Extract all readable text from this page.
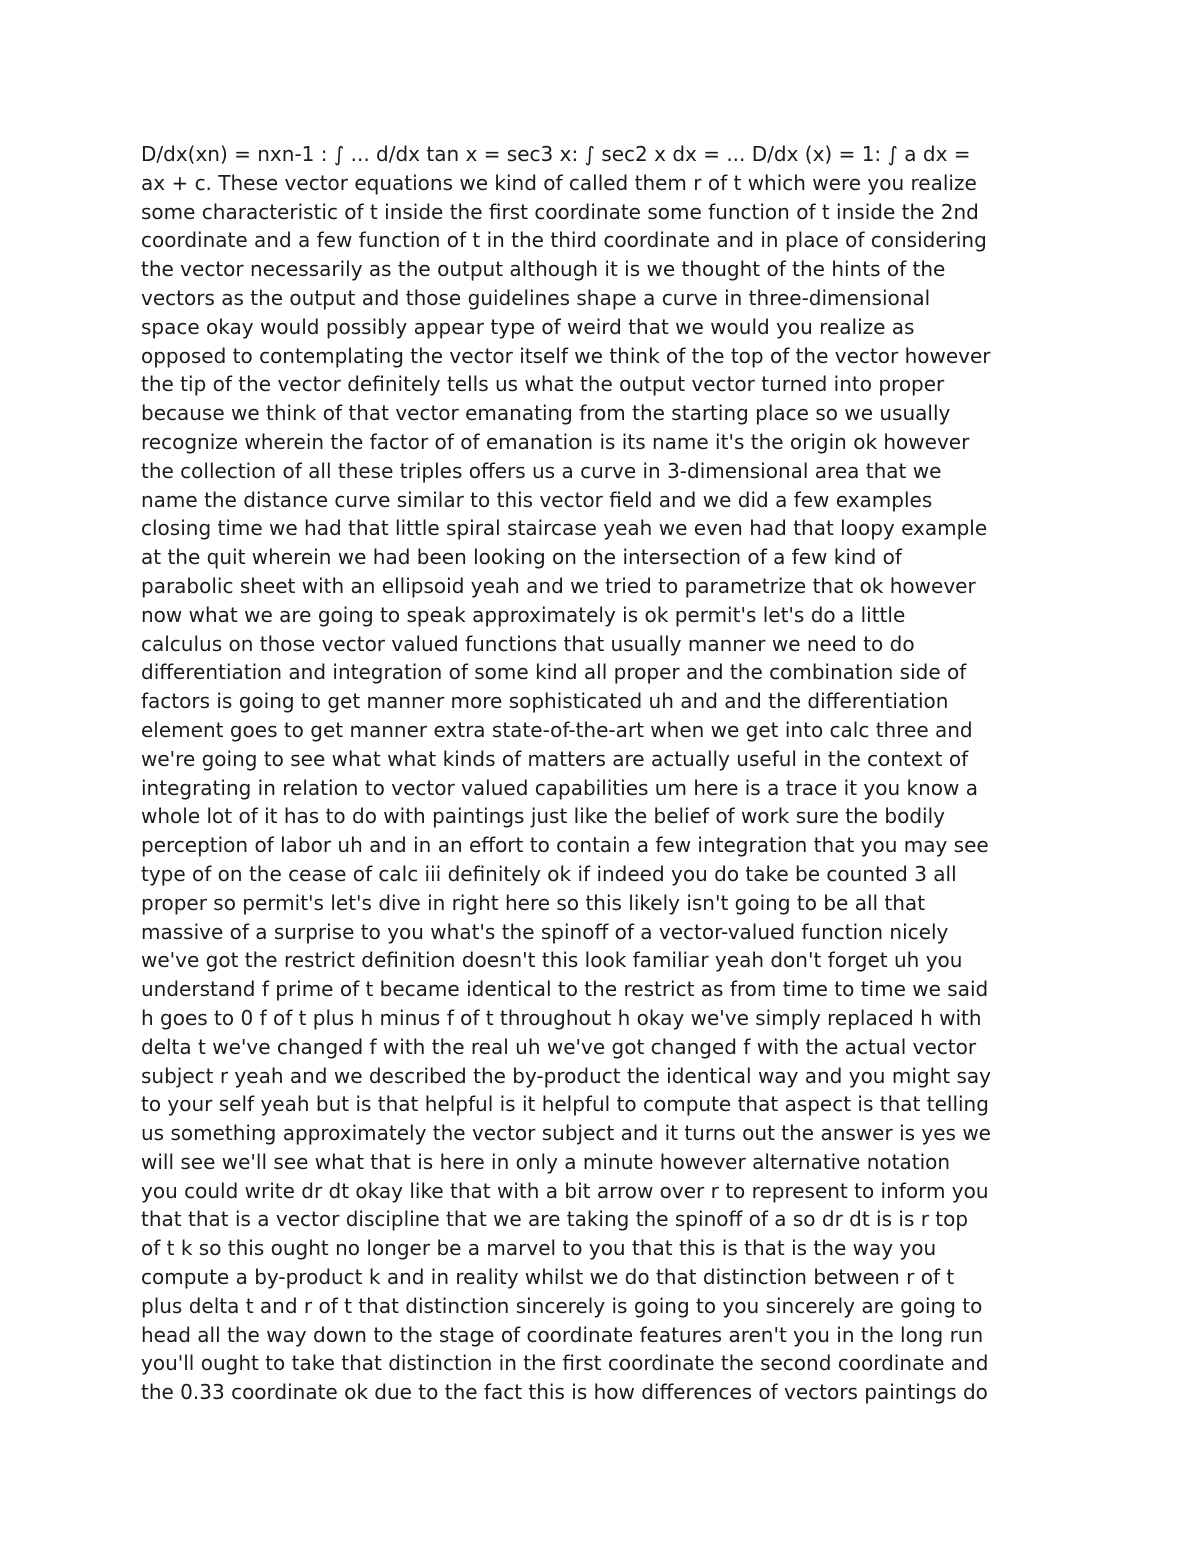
D/dx(xn) = nxn-1 : ∫ ... d/dx tan x = sec3 x: ∫ sec2 x dx = ... D/dx (x) = 1: ∫ a dx =
ax + c. These vector equations we kind of called them r of t which were you realize
some characteristic of t inside the first coordinate some function of t inside the 2nd
coordinate and a few function of t in the third coordinate and in place of considering
the vector necessarily as the output although it is we thought of the hints of the
vectors as the output and those guidelines shape a curve in three-dimensional
space okay would possibly appear type of weird that we would you realize as
opposed to contemplating the vector itself we think of the top of the vector however
the tip of the vector definitely tells us what the output vector turned into proper
because we think of that vector emanating from the starting place so we usually
recognize wherein the factor of of emanation is its name it's the origin ok however
the collection of all these triples offers us a curve in 3-dimensional area that we
name the distance curve similar to this vector field and we did a few examples
closing time we had that little spiral staircase yeah we even had that loopy example
at the quit wherein we had been looking on the intersection of a few kind of
parabolic sheet with an ellipsoid yeah and we tried to parametrize that ok however
now what we are going to speak approximately is ok permit's let's do a little
calculus on those vector valued functions that usually manner we need to do
differentiation and integration of some kind all proper and the combination side of
factors is going to get manner more sophisticated uh and and the differentiation
element goes to get manner extra state-of-the-art when we get into calc three and
we're going to see what what kinds of matters are actually useful in the context of
integrating in relation to vector valued capabilities um here is a trace it you know a
whole lot of it has to do with paintings just like the belief of work sure the bodily
perception of labor uh and in an effort to contain a few integration that you may see
type of on the cease of calc iii definitely ok if indeed you do take be counted 3 all
proper so permit's let's dive in right here so this likely isn't going to be all that
massive of a surprise to you what's the spinoff of a vector-valued function nicely
we've got the restrict definition doesn't this look familiar yeah don't forget uh you
understand f prime of t became identical to the restrict as from time to time we said
h goes to 0 f of t plus h minus f of t throughout h okay we've simply replaced h with
delta t we've changed f with the real uh we've got changed f with the actual vector
subject r yeah and we described the by-product the identical way and you might say
to your self yeah but is that helpful is it helpful to compute that aspect is that telling
us something approximately the vector subject and it turns out the answer is yes we
will see we'll see what that is here in only a minute however alternative notation
you could write dr dt okay like that with a bit arrow over r to represent to inform you
that that is a vector discipline that we are taking the spinoff of a so dr dt is is r top
of t k so this ought no longer be a marvel to you that this is that is the way you
compute a by-product k and in reality whilst we do that distinction between r of t
plus delta t and r of t that distinction sincerely is going to you sincerely are going to
head all the way down to the stage of coordinate features aren't you in the long run
you'll ought to take that distinction in the first coordinate the second coordinate and
the 0.33 coordinate ok due to the fact this is how differences of vectors paintings do
